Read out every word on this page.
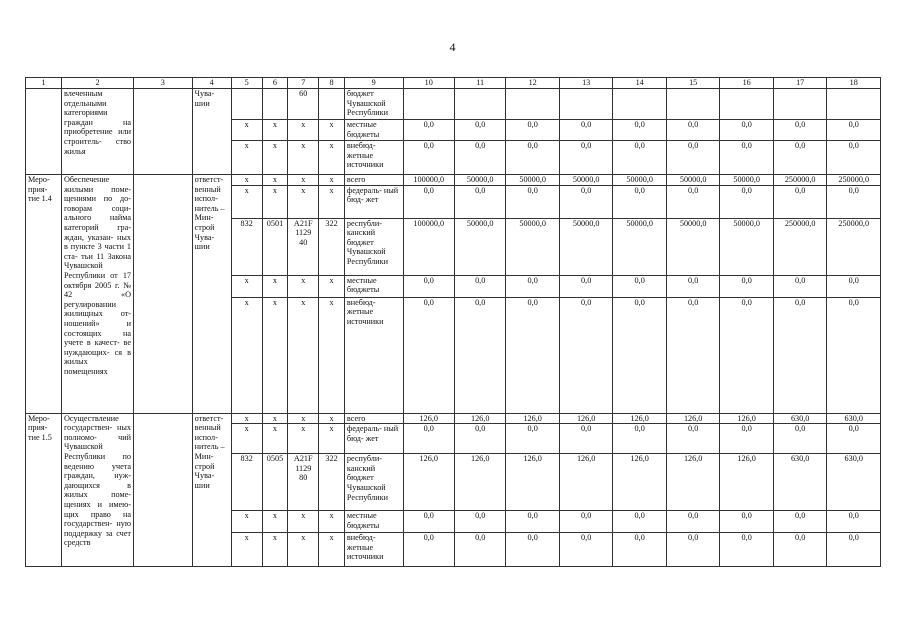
4
1	2	3	4	5	6	7	8	9	10	11	12	13	14	15	16	17	18
	влеченным отдельными категориями граждан на приобретение или строитель- ство жилья		Чува- шии			60		бюджет Чувашской Республики									
				x	x	x	x	местные бюджеты	0,0	0,0	0,0	0,0	0,0	0,0	0,0	0,0	0,0
				x	x	x	x	внебюд- жетные источники	0,0	0,0	0,0	0,0	0,0	0,0	0,0	0,0	0,0
Меро- прия- тие 1.4	Обеспечение жилыми поме- щениями по до- говорам соци- ального найма категорий гра- ждан, указан- ных в пункте 3 части 1 ста- тьи 11 Закона Чувашской Республики от 17 октября 2005 г. № 42 «О регулировании жилищных от- ношений» и состоящих на учете в качест- ве нуждающих- ся в жилых помещениях		ответст- венный испол- нитель – Мин- строй Чува- шии	x	x	x	x	всего	100000,0	50000,0	50000,0	50000,0	50000,0	50000,0	50000,0	250000,0	250000,0
				x	x	x	x	федераль- ный бюд- жет	0,0	0,0	0,0	0,0	0,0	0,0	0,0	0,0	0,0
				832	0501	A21F 1129 40	322	республи- канский бюджет Чувашской Республики	100000,0	50000,0	50000,0	50000,0	50000,0	50000,0	50000,0	250000,0	250000,0
				x	x	x	x	местные бюджеты	0,0	0,0	0,0	0,0	0,0	0,0	0,0	0,0	0,0
				x	x	x	x	внебюд- жетные источники	0,0	0,0	0,0	0,0	0,0	0,0	0,0	0,0	0,0
Меро- прия- тие 1.5	Осуществление государствен- ных полномо- чий Чувашской Республики по ведению учета граждан, нуж- дающихся в жилых поме- щениях и имею- щих право на государствен- ную поддержку за счет средств		ответст- венный испол- нитель – Мин- строй Чува- шии	x	x	x	x	всего	126,0	126,0	126,0	126,0	126,0	126,0	126,0	630,0	630,0
				x	x	x	x	федераль- ный бюд- жет	0,0	0,0	0,0	0,0	0,0	0,0	0,0	0,0	0,0
				832	0505	A21F 1129 80	322	республи- канский бюджет Чувашской Республики	126,0	126,0	126,0	126,0	126,0	126,0	126,0	630,0	630,0
				x	x	x	x	местные бюджеты	0,0	0,0	0,0	0,0	0,0	0,0	0,0	0,0	0,0
				x	x	x	x	внебюд- жетные источники	0,0	0,0	0,0	0,0	0,0	0,0	0,0	0,0	0,0
